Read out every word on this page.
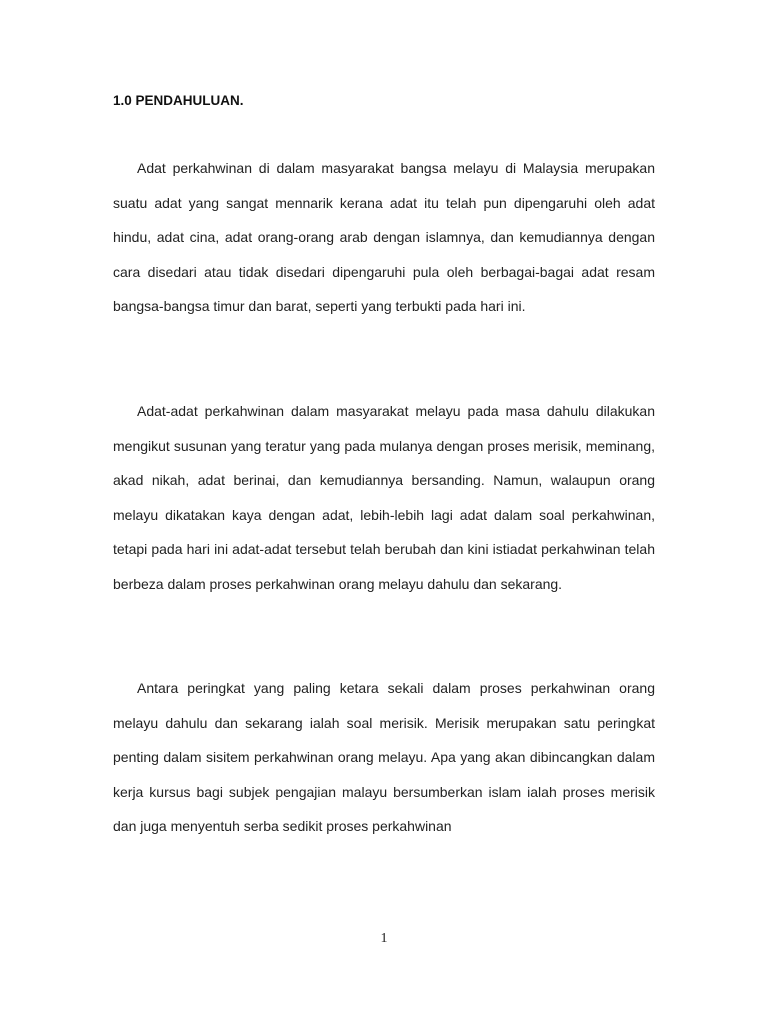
1.0 PENDAHULUAN.

Adat perkahwinan di dalam masyarakat bangsa melayu di Malaysia merupakan suatu adat yang sangat mennarik kerana adat itu telah pun dipengaruhi oleh adat hindu, adat cina, adat orang-orang arab dengan islamnya, dan kemudiannya dengan cara disedari atau tidak disedari dipengaruhi pula oleh berbagai-bagai adat resam bangsa-bangsa timur dan barat, seperti yang terbukti pada hari ini.

Adat-adat perkahwinan dalam masyarakat melayu pada masa dahulu dilakukan mengikut susunan yang teratur yang pada mulanya dengan proses merisik, meminang, akad nikah, adat berinai, dan kemudiannya bersanding. Namun, walaupun orang melayu dikatakan kaya dengan adat, lebih-lebih lagi adat dalam soal perkahwinan, tetapi pada hari ini adat-adat tersebut telah berubah dan kini istiadat perkahwinan telah berbeza dalam proses perkahwinan orang melayu dahulu dan sekarang.

Antara peringkat yang paling ketara sekali dalam proses perkahwinan orang melayu dahulu dan sekarang ialah soal merisik. Merisik merupakan satu peringkat penting dalam sisitem perkahwinan orang melayu. Apa yang akan dibincangkan dalam kerja kursus bagi subjek pengajian malayu bersumberkan islam ialah proses merisik dan juga menyentuh serba sedikit proses perkahwinan

1
